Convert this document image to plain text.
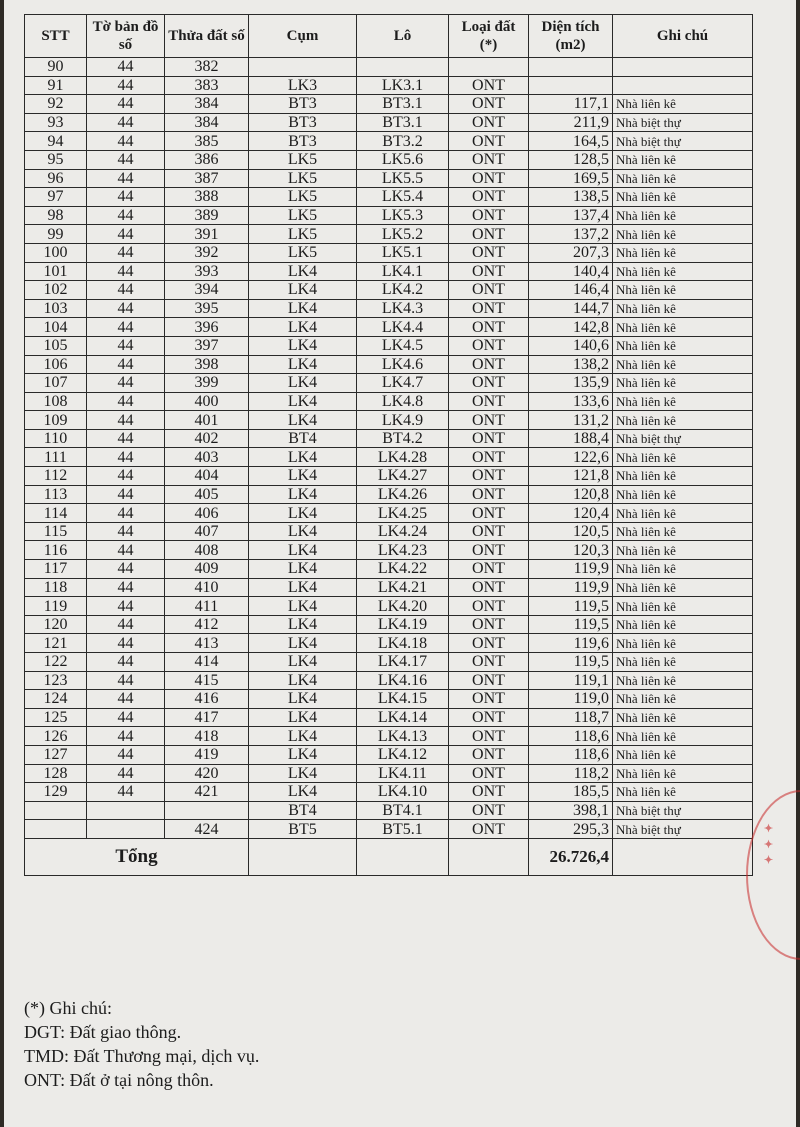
STT	Tờ bản đồ số	Thửa đất số	Cụm	Lô	Loại đất (*)	Diện tích (m2)	Ghi chú
90	44	382					
91	44	383	LK3	LK3.1	ONT		
92	44	384	BT3	BT3.1	ONT	117,1	Nhà liên kê
93	44	384	BT3	BT3.1	ONT	211,9	Nhà biệt thự
94	44	385	BT3	BT3.2	ONT	164,5	Nhà biệt thự
95	44	386	LK5	LK5.6	ONT	128,5	Nhà liên kê
96	44	387	LK5	LK5.5	ONT	169,5	Nhà liên kê
97	44	388	LK5	LK5.4	ONT	138,5	Nhà liên kê
98	44	389	LK5	LK5.3	ONT	137,4	Nhà liên kê
99	44	391	LK5	LK5.2	ONT	137,2	Nhà liên kê
100	44	392	LK5	LK5.1	ONT	207,3	Nhà liên kê
101	44	393	LK4	LK4.1	ONT	140,4	Nhà liên kê
102	44	394	LK4	LK4.2	ONT	146,4	Nhà liên kê
103	44	395	LK4	LK4.3	ONT	144,7	Nhà liên kê
104	44	396	LK4	LK4.4	ONT	142,8	Nhà liên kê
105	44	397	LK4	LK4.5	ONT	140,6	Nhà liên kê
106	44	398	LK4	LK4.6	ONT	138,2	Nhà liên kê
107	44	399	LK4	LK4.7	ONT	135,9	Nhà liên kê
108	44	400	LK4	LK4.8	ONT	133,6	Nhà liên kê
109	44	401	LK4	LK4.9	ONT	131,2	Nhà liên kê
110	44	402	BT4	BT4.2	ONT	188,4	Nhà biệt thự
111	44	403	LK4	LK4.28	ONT	122,6	Nhà liên kê
112	44	404	LK4	LK4.27	ONT	121,8	Nhà liên kê
113	44	405	LK4	LK4.26	ONT	120,8	Nhà liên kê
114	44	406	LK4	LK4.25	ONT	120,4	Nhà liên kê
115	44	407	LK4	LK4.24	ONT	120,5	Nhà liên kê
116	44	408	LK4	LK4.23	ONT	120,3	Nhà liên kê
117	44	409	LK4	LK4.22	ONT	119,9	Nhà liên kê
118	44	410	LK4	LK4.21	ONT	119,9	Nhà liên kê
119	44	411	LK4	LK4.20	ONT	119,5	Nhà liên kê
120	44	412	LK4	LK4.19	ONT	119,5	Nhà liên kê
121	44	413	LK4	LK4.18	ONT	119,6	Nhà liên kê
122	44	414	LK4	LK4.17	ONT	119,5	Nhà liên kê
123	44	415	LK4	LK4.16	ONT	119,1	Nhà liên kê
124	44	416	LK4	LK4.15	ONT	119,0	Nhà liên kê
125	44	417	LK4	LK4.14	ONT	118,7	Nhà liên kê
126	44	418	LK4	LK4.13	ONT	118,6	Nhà liên kê
127	44	419	LK4	LK4.12	ONT	118,6	Nhà liên kê
128	44	420	LK4	LK4.11	ONT	118,2	Nhà liên kê
129	44	421	LK4	LK4.10	ONT	185,5	Nhà liên kê
			BT4	BT4.1	ONT	398,1	Nhà biệt thự
		424	BT5	BT5.1	ONT	295,3	Nhà biệt thự
Tổng						26.726,4	
(*) Ghi chú:
DGT: Đất giao thông.
TMD: Đất Thương mại, dịch vụ.
ONT: Đất ở tại nông thôn.
✦ ✦ ✦
